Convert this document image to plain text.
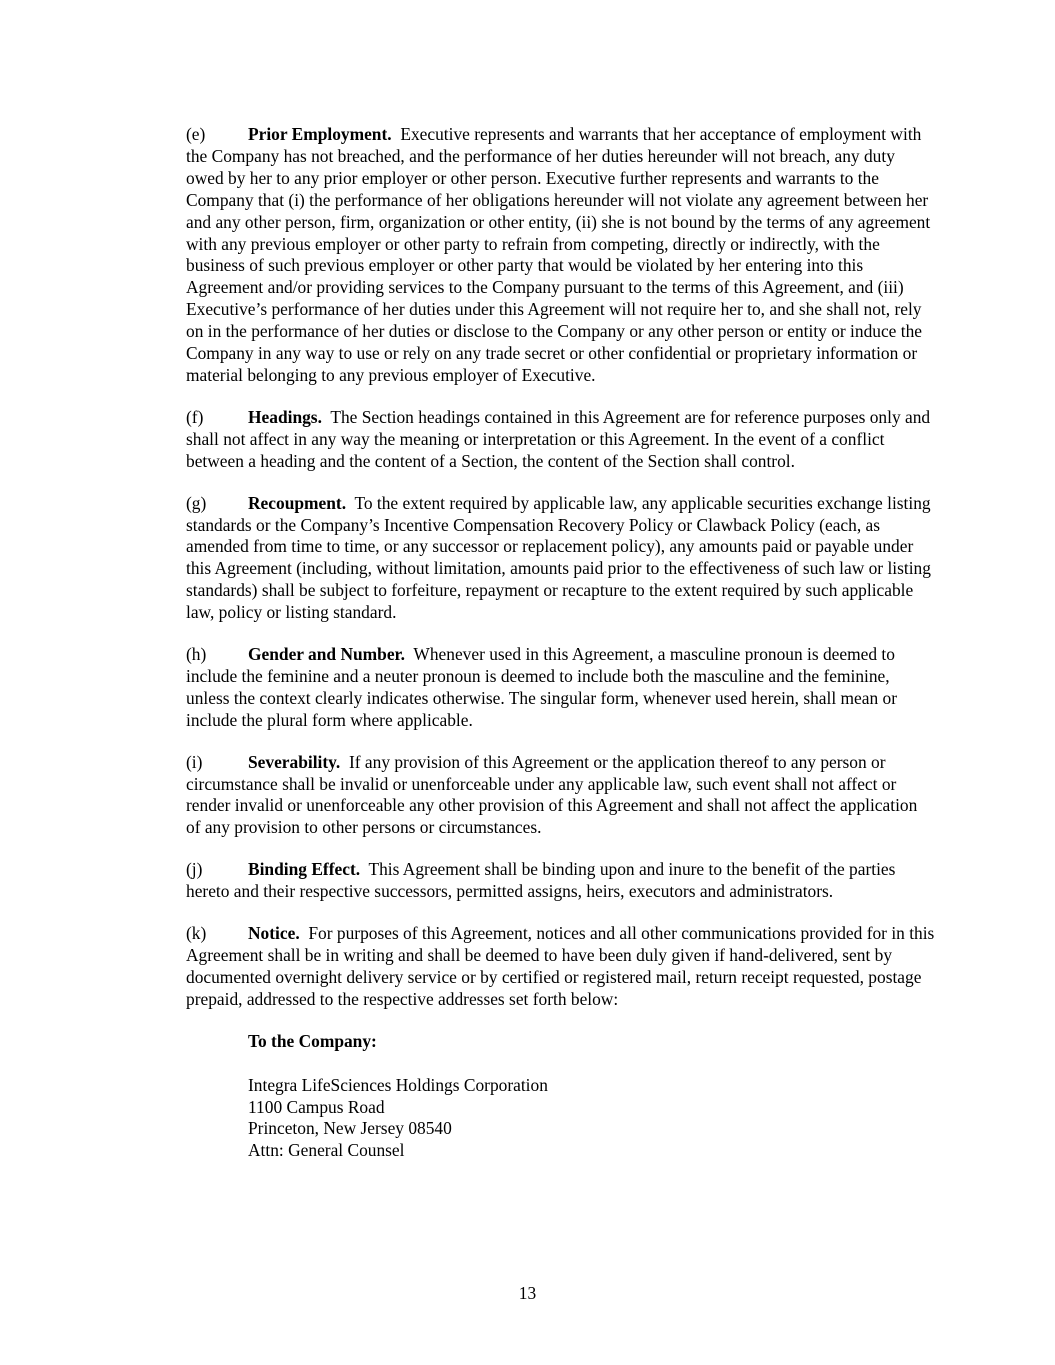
(e) Prior Employment. Executive represents and warrants that her acceptance of employment with the Company has not breached, and the performance of her duties hereunder will not breach, any duty owed by her to any prior employer or other person. Executive further represents and warrants to the Company that (i) the performance of her obligations hereunder will not violate any agreement between her and any other person, firm, organization or other entity, (ii) she is not bound by the terms of any agreement with any previous employer or other party to refrain from competing, directly or indirectly, with the business of such previous employer or other party that would be violated by her entering into this Agreement and/or providing services to the Company pursuant to the terms of this Agreement, and (iii) Executive’s performance of her duties under this Agreement will not require her to, and she shall not, rely on in the performance of her duties or disclose to the Company or any other person or entity or induce the Company in any way to use or rely on any trade secret or other confidential or proprietary information or material belonging to any previous employer of Executive.

(f)	Headings. The Section headings contained in this Agreement are for reference purposes only and shall not affect in any way the meaning or interpretation or this Agreement. In the event of a conflict between a heading and the content of a Section, the content of the Section shall control.

(g) Recoupment. To the extent required by applicable law, any applicable securities exchange listing standards or the Company’s Incentive Compensation Recovery Policy or Clawback Policy (each, as amended from time to time, or any successor or replacement policy), any amounts paid or payable under this Agreement (including, without limitation, amounts paid prior to the effectiveness of such law or listing standards) shall be subject to forfeiture, repayment or recapture to the extent required by such applicable law, policy or listing standard.

(h) Gender and Number. Whenever used in this Agreement, a masculine pronoun is deemed to include the feminine and a neuter pronoun is deemed to include both the masculine and the feminine, unless the context clearly indicates otherwise. The singular form, whenever used herein, shall mean or include the plural form where applicable.

(i)	Severability. If any provision of this Agreement or the application thereof to any person or circumstance shall be invalid or unenforceable under any applicable law, such event shall not affect or render invalid or unenforceable any other provision of this Agreement and shall not affect the application of any provision to other persons or circumstances.

(j)	Binding Effect. This Agreement shall be binding upon and inure to the benefit of the parties hereto and their respective successors, permitted assigns, heirs, executors and administrators.

(k) Notice. For purposes of this Agreement, notices and all other communications provided for in this Agreement shall be in writing and shall be deemed to have been duly given if hand-delivered, sent by documented overnight delivery service or by certified or registered mail, return receipt requested, postage prepaid, addressed to the respective addresses set forth below:

To the Company:

Integra LifeSciences Holdings Corporation
1100 Campus Road
Princeton, New Jersey 08540
Attn: General Counsel
13
